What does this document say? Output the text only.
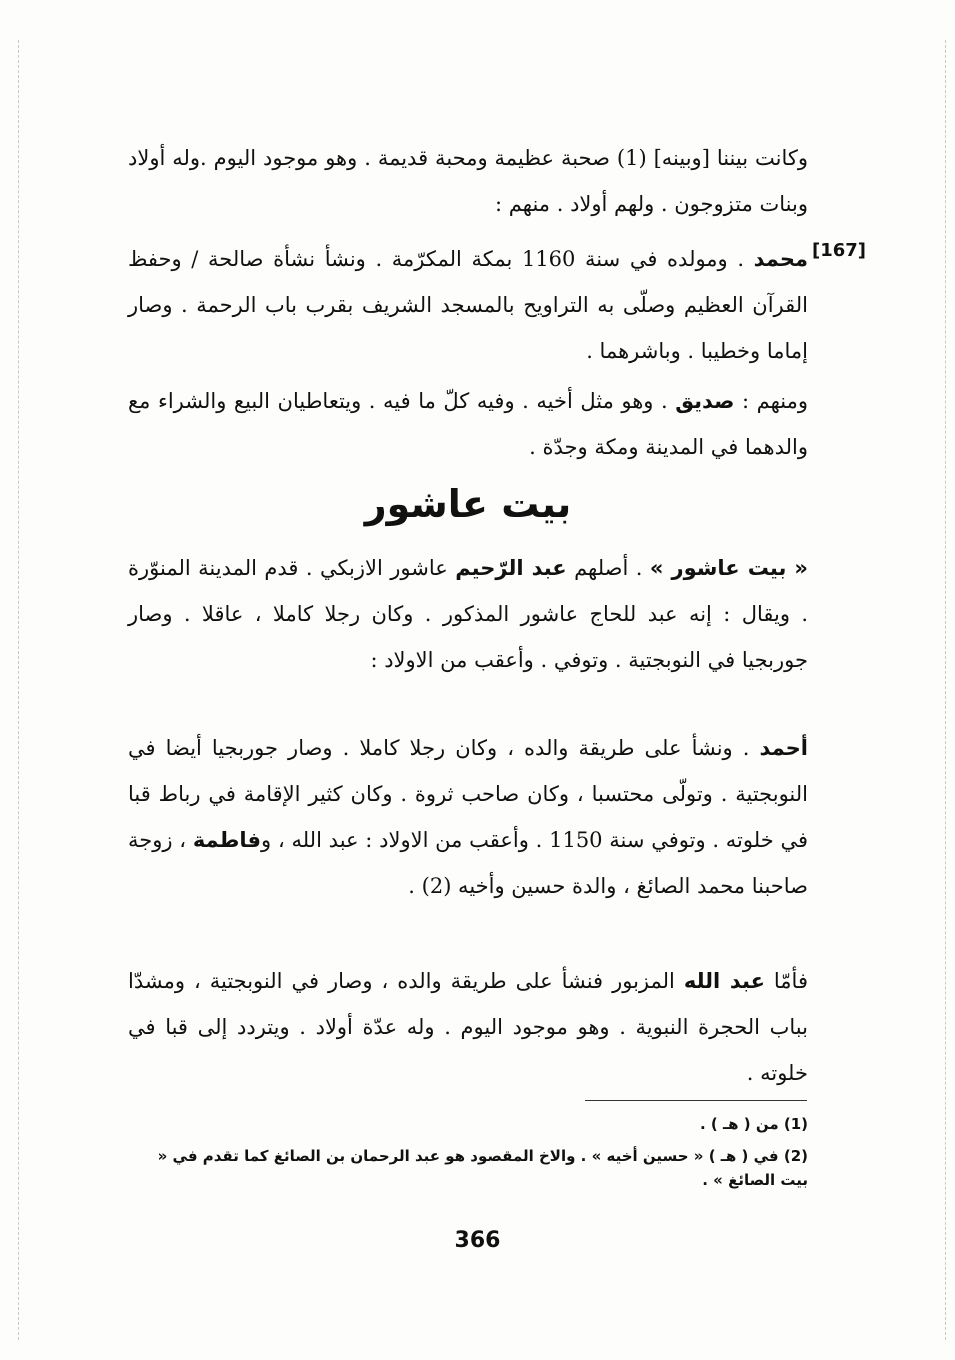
وكانت بيننا [وبينه] (1) صحبة عظيمة ومحبة قديمة . وهو موجود اليوم .وله أولاد وبنات متزوجون . ولهم أولاد . منهم :
[167]
محمد . ومولده في سنة 1160 بمكة المكرّمة . ونشأ نشأة صالحة / وحفظ القرآن العظيم وصلّى به التراويح بالمسجد الشريف بقرب باب الرحمة . وصار إماما وخطيبا . وباشرهما .
ومنهم : صديق . وهو مثل أخيه . وفيه كلّ ما فيه . ويتعاطيان البيع والشراء مع والدهما في المدينة ومكة وجدّة .
بيت عاشور
« بيت عاشور » . أصلهم عبد الرّحيم عاشور الازبكي . قدم المدينة المنوّرة . ويقال : إنه عبد للحاج عاشور المذكور . وكان رجلا كاملا ، عاقلا . وصار جوربجيا في النوبجتية . وتوفي . وأعقب من الاولاد :
أحمد . ونشأ على طريقة والده ، وكان رجلا كاملا . وصار جوربجيا أيضا في النوبجتية . وتولّى محتسبا ، وكان صاحب ثروة . وكان كثير الإقامة في رباط قبا في خلوته . وتوفي سنة 1150 . وأعقب من الاولاد : عبد الله ، وفاطمة ، زوجة صاحبنا محمد الصائغ ، والدة حسين وأخيه (2) .
فأمّا عبد الله المزبور فنشأ على طريقة والده ، وصار في النوبجتية ، ومشدّا بباب الحجرة النبوية . وهو موجود اليوم . وله عدّة أولاد . ويتردد إلى قبا في خلوته .
(1) من ( هـ ) .
(2) في ( هـ ) « حسين أخيه » . والاخ المقصود هو عبد الرحمان بن الصائغ كما تقدم في « بيت الصائغ » .
366
